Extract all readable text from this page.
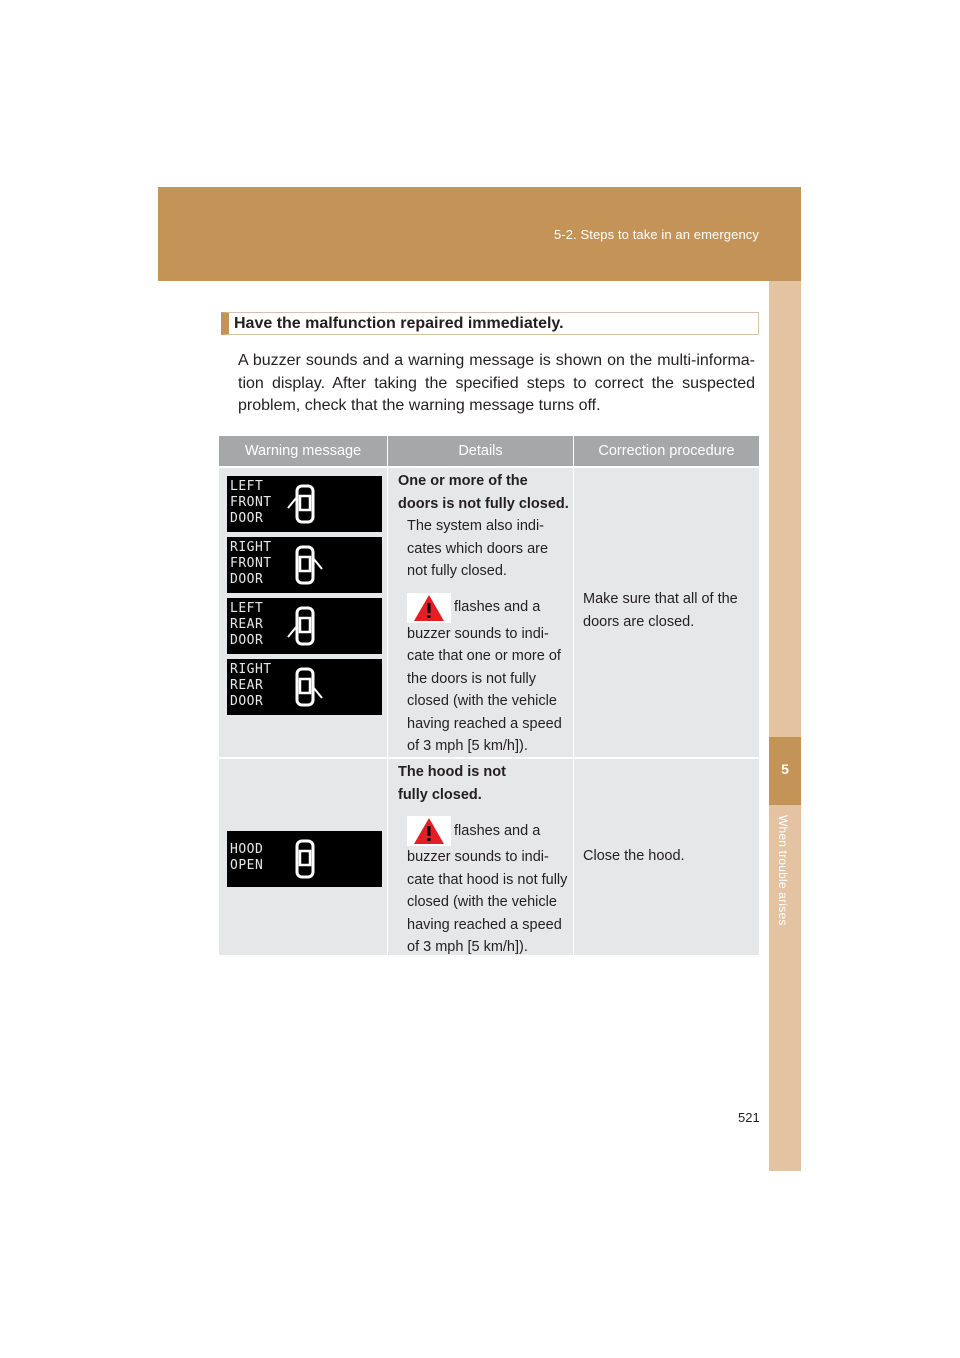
5-2. Steps to take in an emergency
5
When trouble arises
Have the malfunction repaired immediately.

A buzzer sounds and a warning message is shown on the multi-informa-tion display. After taking the specified steps to correct the suspected problem, check that the warning message turns off.

Warning message	Details	Correction procedure
LEFT
FRONT
DOOR
RIGHT
FRONT
DOOR
LEFT
REAR
DOOR
RIGHT
REAR
DOOR
One or more of the doors is not fully closed.
The system also indi-cates which doors are not fully closed.
flashes and a
buzzer sounds to indi-cate that one or more of the doors is not fully closed (with the vehicle having reached a speed of 3 mph [5 km/h]).
Make sure that all of the doors are closed.
HOOD
OPEN
The hood is not fully closed.
flashes and a
buzzer sounds to indi-cate that hood is not fully closed (with the vehicle having reached a speed of 3 mph [5 km/h]).
Close the hood.
521
